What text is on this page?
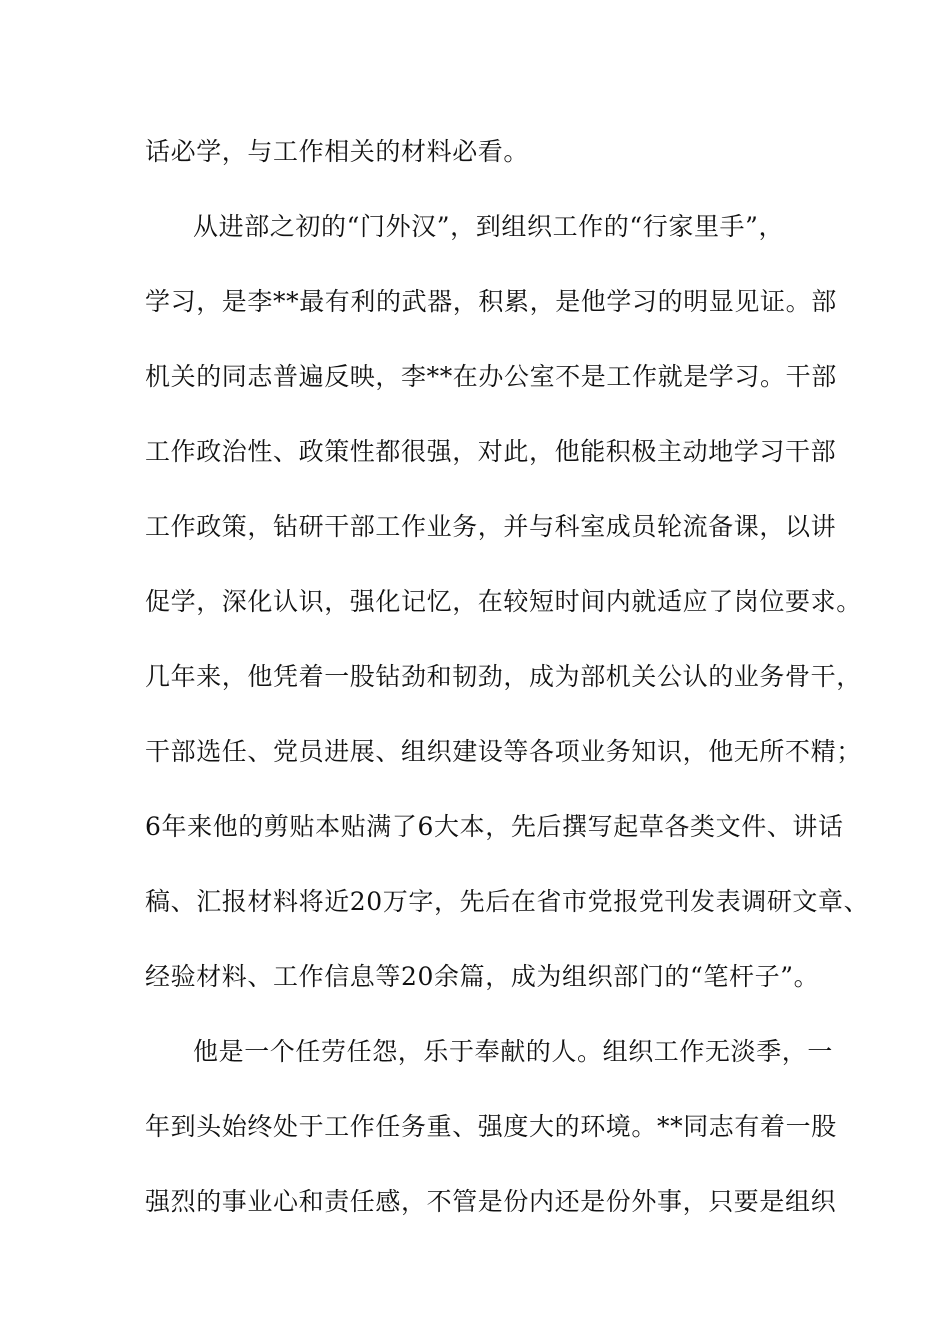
话必学，与工作相关的材料必看。
从进部之初的“门外汉”，到组织工作的“行家里手”，
学习，是李**最有利的武器，积累，是他学习的明显见证。部
机关的同志普遍反映，李**在办公室不是工作就是学习。干部
工作政治性、政策性都很强，对此，他能积极主动地学习干部
工作政策，钻研干部工作业务，并与科室成员轮流备课，以讲
促学，深化认识，强化记忆，在较短时间内就适应了岗位要求。
几年来，他凭着一股钻劲和韧劲，成为部机关公认的业务骨干，
干部选任、党员进展、组织建设等各项业务知识，他无所不精；
6年来他的剪贴本贴满了6大本，先后撰写起草各类文件、讲话
稿、汇报材料将近20万字，先后在省市党报党刊发表调研文章、
经验材料、工作信息等20余篇，成为组织部门的“笔杆子”。
他是一个任劳任怨，乐于奉献的人。组织工作无淡季，一
年到头始终处于工作任务重、强度大的环境。**同志有着一股
强烈的事业心和责任感，不管是份内还是份外事，只要是组织
